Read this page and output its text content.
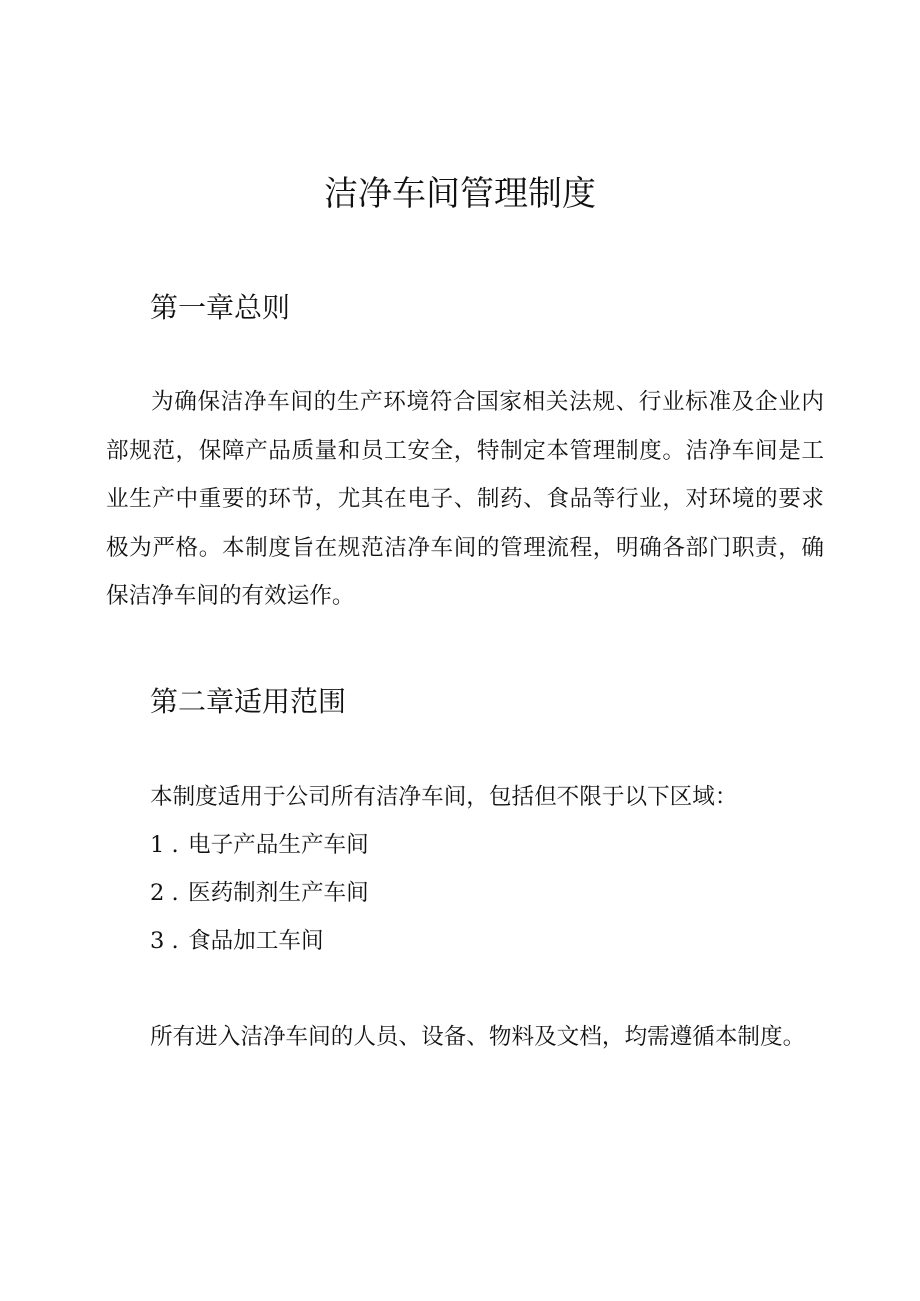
洁净车间管理制度
第一章总则

为确保洁净车间的生产环境符合国家相关法规、行业标准及企业内部规范，保障产品质量和员工安全，特制定本管理制度。洁净车间是工业生产中重要的环节，尤其在电子、制药、食品等行业，对环境的要求极为严格。本制度旨在规范洁净车间的管理流程，明确各部门职责，确保洁净车间的有效运作。

第二章适用范围

本制度适用于公司所有洁净车间，包括但不限于以下区域：

1 . 电子产品生产车间

2 . 医药制剂生产车间

3 . 食品加工车间

所有进入洁净车间的人员、设备、物料及文档，均需遵循本制度。
